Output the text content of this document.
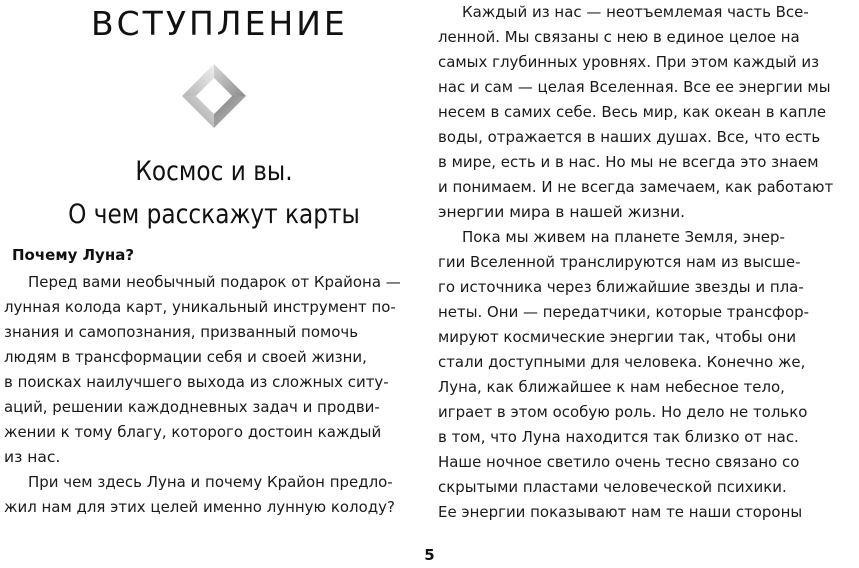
ВСТУПЛЕНИЕ
Космос и вы.
О чем расскажут карты
Почему Луна?
Перед вами необычный подарок от Крайона —
лунная колода карт, уникальный инструмент по-
знания и самопознания, призванный помочь
людям в трансформации себя и своей жизни,
в поисках наилучшего выхода из сложных ситу-
аций, решении каждодневных задач и продви-
жении к тому благу, которого достоин каждый
из нас.
При чем здесь Луна и почему Крайон предло-
жил нам для этих целей именно лунную колоду?
Каждый из нас — неотъемлемая часть Все-
ленной. Мы связаны с нею в единое целое на
самых глубинных уровнях. При этом каждый из
нас и сам — целая Вселенная. Все ее энергии мы
несем в самих себе. Весь мир, как океан в капле
воды, отражается в наших душах. Все, что есть
в мире, есть и в нас. Но мы не всегда это знаем
и понимаем. И не всегда замечаем, как работают
энергии мира в нашей жизни.
Пока мы живем на планете Земля, энер-
гии Вселенной транслируются нам из высше-
го источника через ближайшие звезды и пла-
неты. Они — передатчики, которые трансфор-
мируют космические энергии так, чтобы они
стали доступными для человека. Конечно же,
Луна, как ближайшее к нам небесное тело,
играет в этом особую роль. Но дело не только
в том, что Луна находится так близко от нас.
Наше ночное светило очень тесно связано со
скрытыми пластами человеческой психики.
Ее энергии показывают нам те наши стороны
5
